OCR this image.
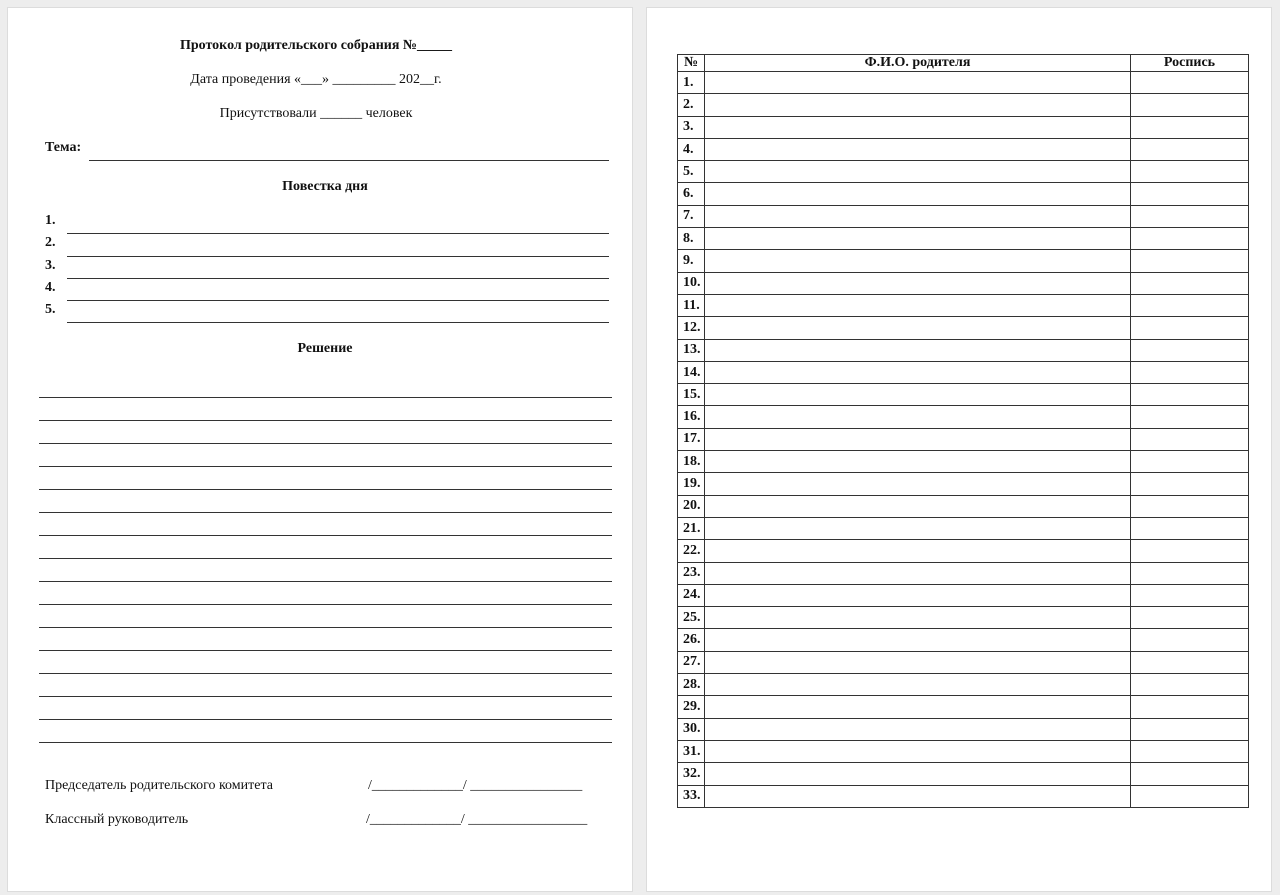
Протокол родительского собрания №_____
Дата проведения «___» _________ 202__г.
Присутствовали ______ человек
Тема:
Повестка дня
1.
2.
3.
4.
5.
Решение
Председатель родительского комитета	/_____________/ ________________
Классный руководитель	/_____________/ _________________
№	Ф.И.О. родителя	Роспись
1.		
2.		
3.		
4.		
5.		
6.		
7.		
8.		
9.		
10.		
11.		
12.		
13.		
14.		
15.		
16.		
17.		
18.		
19.		
20.		
21.		
22.		
23.		
24.		
25.		
26.		
27.		
28.		
29.		
30.		
31.		
32.		
33.		
